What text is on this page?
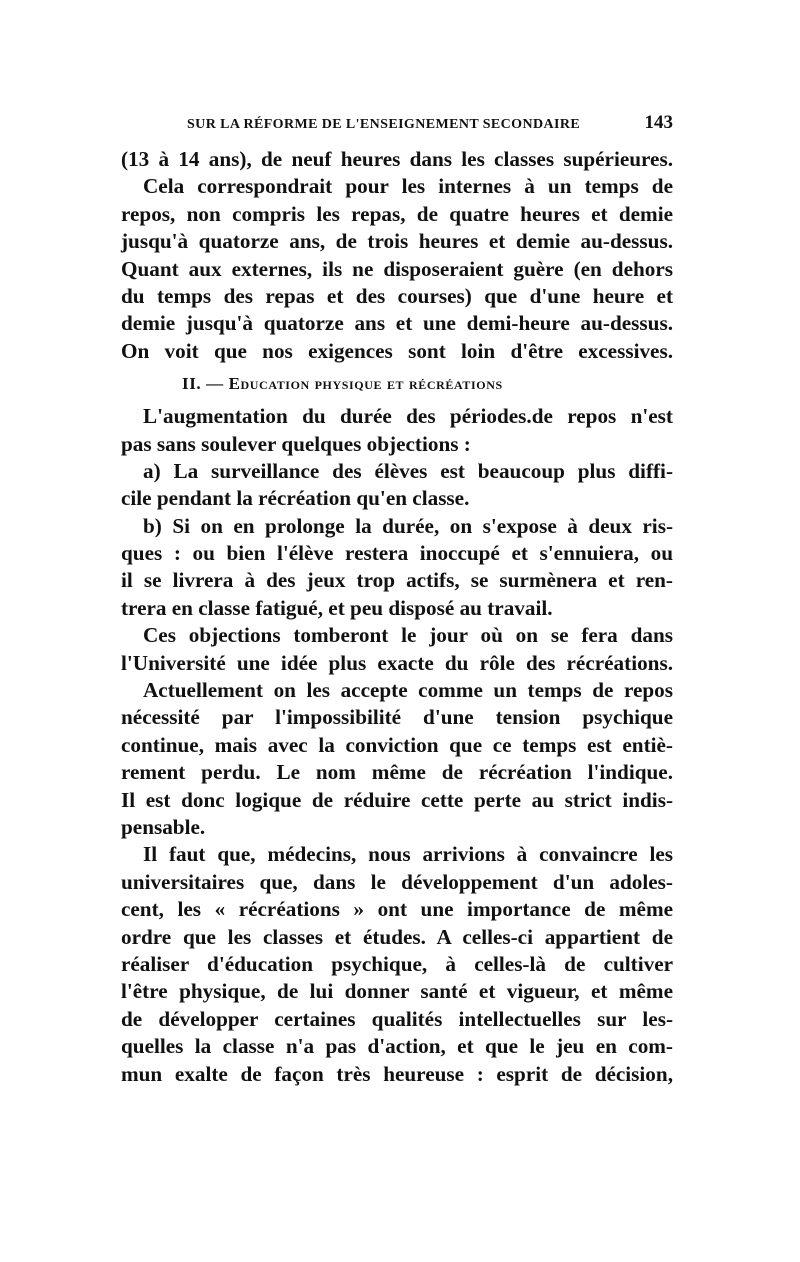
SUR LA RÉFORME DE L'ENSEIGNEMENT SECONDAIRE	143
(13 à 14 ans), de neuf heures dans les classes supérieures.
Cela correspondrait pour les internes à un temps de
repos, non compris les repas, de quatre heures et demie
jusqu'à quatorze ans, de trois heures et demie au-dessus.
Quant aux externes, ils ne disposeraient guère (en dehors
du temps des repas et des courses) que d'une heure et
demie jusqu'à quatorze ans et une demi-heure au-dessus.
On voit que nos exigences sont loin d'être excessives.
II. — Education physique et récréations
L'augmentation du durée des périodes.de repos n'est
pas sans soulever quelques objections :
a) La surveillance des élèves est beaucoup plus diffi-
cile pendant la récréation qu'en classe.
b) Si on en prolonge la durée, on s'expose à deux ris-
ques : ou bien l'élève restera inoccupé et s'ennuiera, ou
il se livrera à des jeux trop actifs, se surmènera et ren-
trera en classe fatigué, et peu disposé au travail.
Ces objections tomberont le jour où on se fera dans
l'Université une idée plus exacte du rôle des récréations.
Actuellement on les accepte comme un temps de repos
nécessité par l'impossibilité d'une tension psychique
continue, mais avec la conviction que ce temps est entiè-
rement perdu. Le nom même de récréation l'indique.
Il est donc logique de réduire cette perte au strict indis-
pensable.
Il faut que, médecins, nous arrivions à convaincre les
universitaires que, dans le développement d'un adoles-
cent, les « récréations » ont une importance de même
ordre que les classes et études. A celles-ci appartient de
réaliser d'éducation psychique, à celles-là de cultiver
l'être physique, de lui donner santé et vigueur, et même
de développer certaines qualités intellectuelles sur les-
quelles la classe n'a pas d'action, et que le jeu en com-
mun exalte de façon très heureuse : esprit de décision,
